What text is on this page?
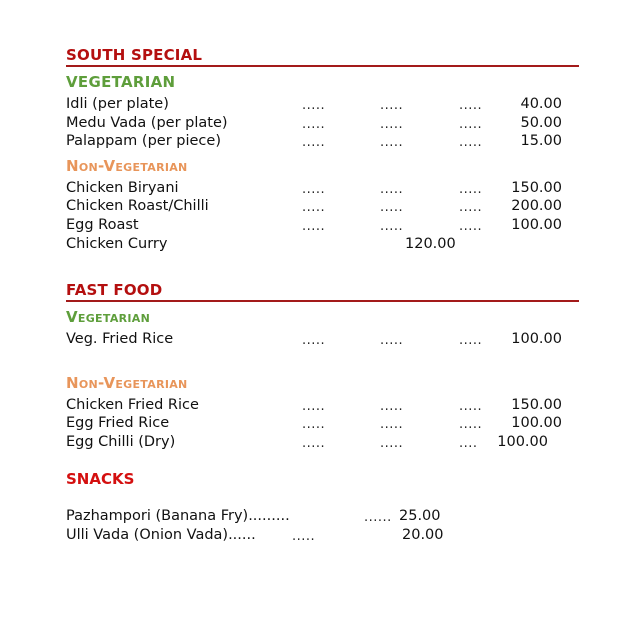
SOUTH SPECIAL
VEGETARIAN
Idli (per plate)	.....	.....	.....	40.00
Medu Vada (per plate)	.....	.....	.....	50.00
Palappam (per piece)	.....	.....	.....	15.00
Non-Vegetarian
Chicken Biryani	.....	.....	..... 150.00
Chicken Roast/Chilli	.....	.....	..... 200.00
Egg Roast	.....	.....	..... 100.00
Chicken Curry	120.00
FAST FOOD
Vegetarian
Veg. Fried Rice	.....	.....	..... 100.00
Non-Vegetarian
Chicken Fried Rice	.....	.....	..... 150.00
Egg Fried Rice	.....	.....	..... 100.00
Egg Chilli (Dry)	.....	.....	.... 100.00
SNACKS
Pazhampori (Banana Fry).........	...... 25.00
Ulli Vada (Onion Vada)......	.....	20.00
